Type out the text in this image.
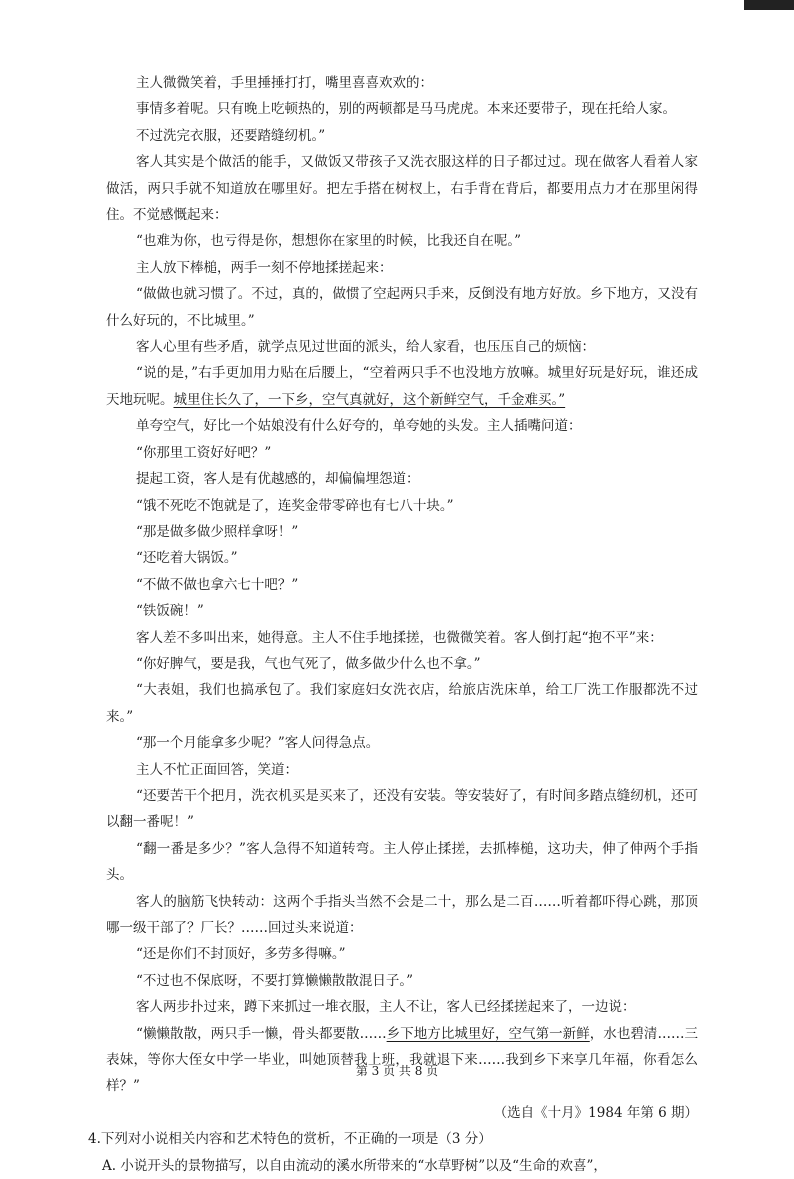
主人微微笑着，手里捶捶打打，嘴里喜喜欢欢的：

事情多着呢。只有晚上吃顿热的，别的两顿都是马马虎虎。本来还要带子，现在托给人家。

不过洗完衣服，还要踏缝纫机。”

客人其实是个做活的能手，又做饭又带孩子又洗衣服这样的日子都过过。现在做客人看着人家做活，两只手就不知道放在哪里好。把左手搭在树杈上，右手背在背后，都要用点力才在那里闲得住。不觉感慨起来：

“也难为你，也亏得是你，想想你在家里的时候，比我还自在呢。”

主人放下棒槌，两手一刻不停地揉搓起来：

“做做也就习惯了。不过，真的，做惯了空起两只手来，反倒没有地方好放。乡下地方，又没有什么好玩的，不比城里。”

客人心里有些矛盾，就学点见过世面的派头，给人家看，也压压自己的烦恼：

“说的是，”右手更加用力贴在后腰上，“空着两只手不也没地方放嘛。城里好玩是好玩，谁还成天地玩呢。城里住长久了，一下乡，空气真就好，这个新鲜空气，千金难买。”

单夸空气，好比一个姑娘没有什么好夸的，单夸她的头发。主人插嘴问道：

“你那里工资好好吧？”

提起工资，客人是有优越感的，却偏偏埋怨道：

“饿不死吃不饱就是了，连奖金带零碎也有七八十块。”

“那是做多做少照样拿呀！”

“还吃着大锅饭。”

“不做不做也拿六七十吧？”

“铁饭碗！”

客人差不多叫出来，她得意。主人不住手地揉搓，也微微笑着。客人倒打起“抱不平”来：

“你好脾气，要是我，气也气死了，做多做少什么也不拿。”

“大表姐，我们也搞承包了。我们家庭妇女洗衣店，给旅店洗床单，给工厂洗工作服都洗不过来。”

“那一个月能拿多少呢？”客人问得急点。

主人不忙正面回答，笑道：

“还要苦干个把月，洗衣机买是买来了，还没有安装。等安装好了，有时间多踏点缝纫机，还可以翻一番呢！”

“翻一番是多少？”客人急得不知道转弯。主人停止揉搓，去抓棒槌，这功夫，伸了伸两个手指头。

客人的脑筋飞快转动：这两个手指头当然不会是二十，那么是二百……听着都吓得心跳，那顶哪一级干部了？厂长？……回过头来说道：

“还是你们不封顶好，多劳多得嘛。”

“不过也不保底呀，不要打算懒懒散散混日子。”

客人两步扑过来，蹲下来抓过一堆衣服，主人不让，客人已经揉搓起来了，一边说：

“懒懒散散，两只手一懒，骨头都要散……乡下地方比城里好，空气第一新鲜，水也碧清……三表妹，等你大侄女中学一毕业，叫她顶替我上班，我就退下来……我到乡下来享几年福，你看怎么样？”

（选自《十月》1984 年第 6 期）

4.下列对小说相关内容和艺术特色的赏析，不正确的一项是（3 分）

A. 小说开头的景物描写，以自由流动的溪水所带来的“水草野树”以及“生命的欢喜”，

第 3 页 共 8 页
